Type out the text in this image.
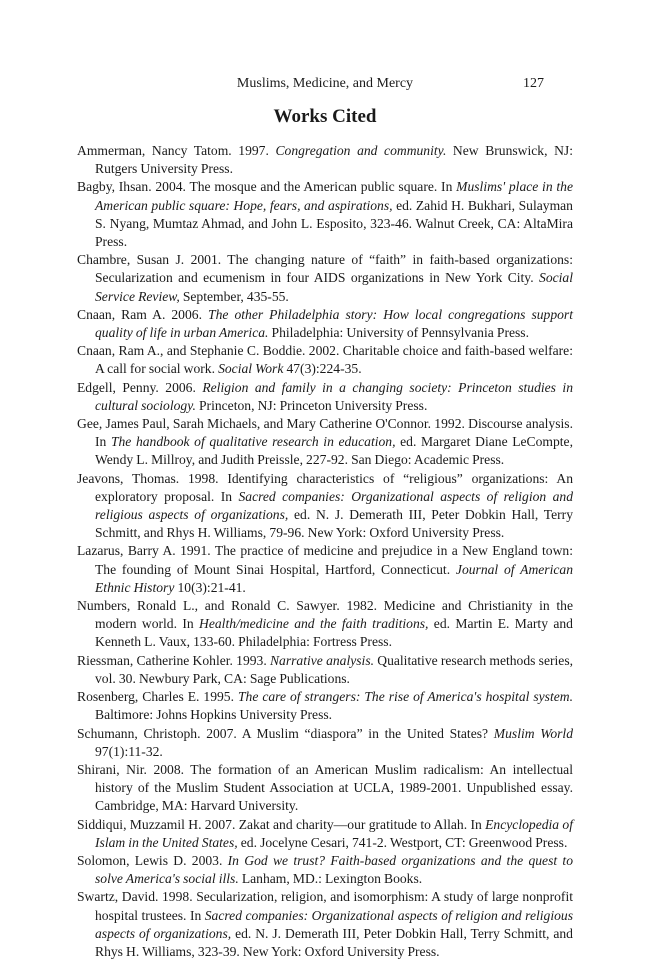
Muslims, Medicine, and Mercy	127
Works Cited
Ammerman, Nancy Tatom. 1997. Congregation and community. New Brunswick, NJ: Rutgers University Press.
Bagby, Ihsan. 2004. The mosque and the American public square. In Muslims' place in the American public square: Hope, fears, and aspirations, ed. Zahid H. Bukhari, Sulayman S. Nyang, Mumtaz Ahmad, and John L. Esposito, 323-46. Walnut Creek, CA: AltaMira Press.
Chambre, Susan J. 2001. The changing nature of “faith” in faith-based organizations: Secularization and ecumenism in four AIDS organizations in New York City. Social Service Review, September, 435-55.
Cnaan, Ram A. 2006. The other Philadelphia story: How local congregations support quality of life in urban America. Philadelphia: University of Pennsylvania Press.
Cnaan, Ram A., and Stephanie C. Boddie. 2002. Charitable choice and faith-based welfare: A call for social work. Social Work 47(3):224-35.
Edgell, Penny. 2006. Religion and family in a changing society: Princeton studies in cultural sociology. Princeton, NJ: Princeton University Press.
Gee, James Paul, Sarah Michaels, and Mary Catherine O'Connor. 1992. Discourse analysis. In The handbook of qualitative research in education, ed. Margaret Diane LeCompte, Wendy L. Millroy, and Judith Preissle, 227-92. San Diego: Academic Press.
Jeavons, Thomas. 1998. Identifying characteristics of “religious” organizations: An exploratory proposal. In Sacred companies: Organizational aspects of religion and religious aspects of organizations, ed. N. J. Demerath III, Peter Dobkin Hall, Terry Schmitt, and Rhys H. Williams, 79-96. New York: Oxford University Press.
Lazarus, Barry A. 1991. The practice of medicine and prejudice in a New England town: The founding of Mount Sinai Hospital, Hartford, Connecticut. Journal of American Ethnic History 10(3):21-41.
Numbers, Ronald L., and Ronald C. Sawyer. 1982. Medicine and Christianity in the modern world. In Health/medicine and the faith traditions, ed. Martin E. Marty and Kenneth L. Vaux, 133-60. Philadelphia: Fortress Press.
Riessman, Catherine Kohler. 1993. Narrative analysis. Qualitative research methods series, vol. 30. Newbury Park, CA: Sage Publications.
Rosenberg, Charles E. 1995. The care of strangers: The rise of America's hospital system. Baltimore: Johns Hopkins University Press.
Schumann, Christoph. 2007. A Muslim “diaspora” in the United States? Muslim World 97(1):11-32.
Shirani, Nir. 2008. The formation of an American Muslim radicalism: An intellectual history of the Muslim Student Association at UCLA, 1989-2001. Unpublished essay. Cambridge, MA: Harvard University.
Siddiqui, Muzzamil H. 2007. Zakat and charity—our gratitude to Allah. In Encyclopedia of Islam in the United States, ed. Jocelyne Cesari, 741-2. Westport, CT: Greenwood Press.
Solomon, Lewis D. 2003. In God we trust? Faith-based organizations and the quest to solve America's social ills. Lanham, MD.: Lexington Books.
Swartz, David. 1998. Secularization, religion, and isomorphism: A study of large nonprofit hospital trustees. In Sacred companies: Organizational aspects of religion and religious aspects of organizations, ed. N. J. Demerath III, Peter Dobkin Hall, Terry Schmitt, and Rhys H. Williams, 323-39. New York: Oxford University Press.
